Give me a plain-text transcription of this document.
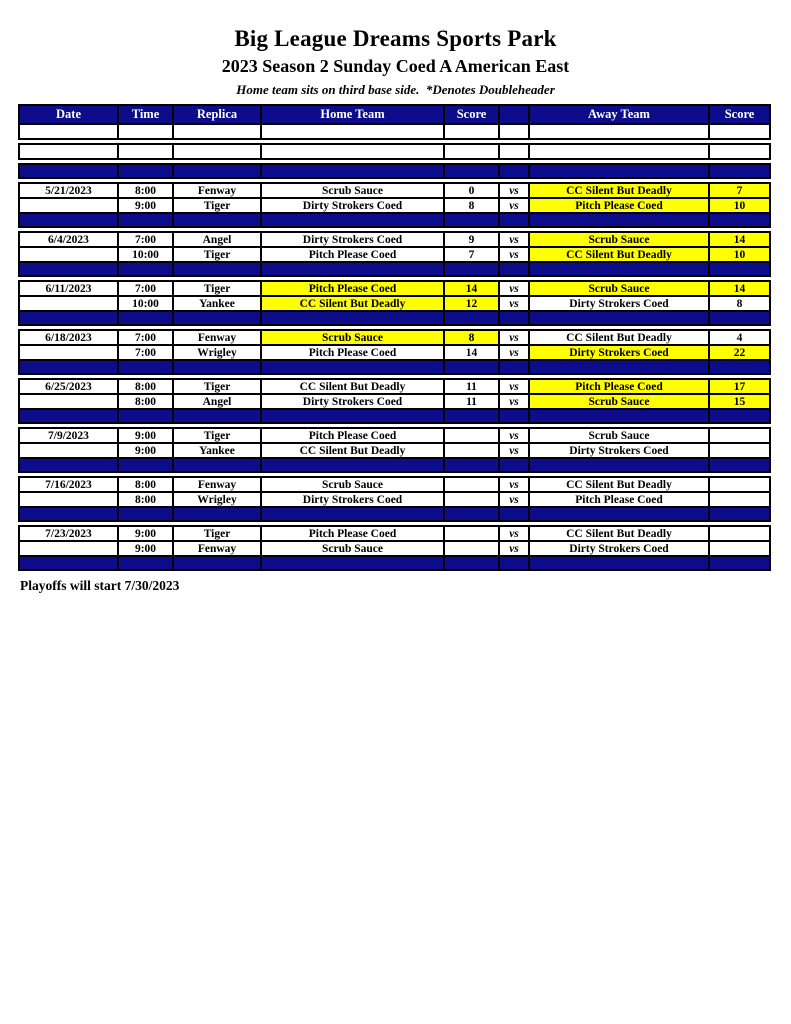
Big League Dreams Sports Park
2023 Season 2 Sunday Coed A American East
Home team sits on third base side.  *Denotes Doubleheader
Date	Time	Replica	Home Team	Score		Away Team	Score

5/21/2023	8:00	Fenway	Scrub Sauce	0	vs	CC Silent But Deadly	7
	9:00	Tiger	Dirty Strokers Coed	8	vs	Pitch Please Coed	10

6/4/2023	7:00	Angel	Dirty Strokers Coed	9	vs	Scrub Sauce	14
	10:00	Tiger	Pitch Please Coed	7	vs	CC Silent But Deadly	10

6/11/2023	7:00	Tiger	Pitch Please Coed	14	vs	Scrub Sauce	14
	10:00	Yankee	CC Silent But Deadly	12	vs	Dirty Strokers Coed	8

6/18/2023	7:00	Fenway	Scrub Sauce	8	vs	CC Silent But Deadly	4
	7:00	Wrigley	Pitch Please Coed	14	vs	Dirty Strokers Coed	22

6/25/2023	8:00	Tiger	CC Silent But Deadly	11	vs	Pitch Please Coed	17
	8:00	Angel	Dirty Strokers Coed	11	vs	Scrub Sauce	15

7/9/2023	9:00	Tiger	Pitch Please Coed		vs	Scrub Sauce	
	9:00	Yankee	CC Silent But Deadly		vs	Dirty Strokers Coed	

7/16/2023	8:00	Fenway	Scrub Sauce		vs	CC Silent But Deadly	
	8:00	Wrigley	Dirty Strokers Coed		vs	Pitch Please Coed	

7/23/2023	9:00	Tiger	Pitch Please Coed		vs	CC Silent But Deadly	
	9:00	Fenway	Scrub Sauce		vs	Dirty Strokers Coed	

Playoffs will start 7/30/2023
